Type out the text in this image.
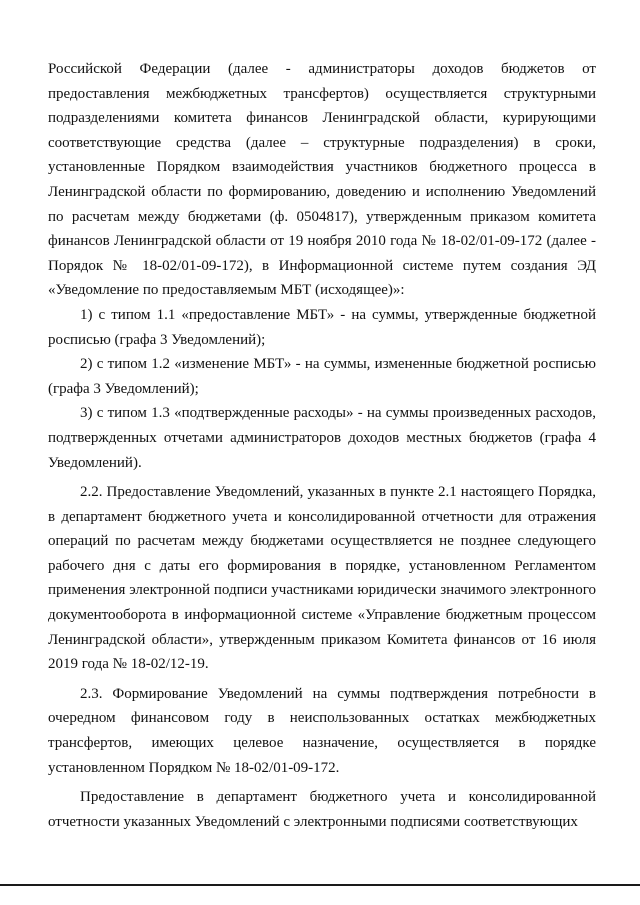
Российской Федерации (далее - администраторы доходов бюджетов от предоставления межбюджетных трансфертов) осуществляется структурными подразделениями комитета финансов Ленинградской области, курирующими соответствующие средства (далее – структурные подразделения) в сроки, установленные Порядком взаимодействия участников бюджетного процесса в Ленинградской области по формированию, доведению и исполнению Уведомлений по расчетам между бюджетами (ф. 0504817), утвержденным приказом комитета финансов Ленинградской области от 19 ноября 2010 года № 18-02/01-09-172 (далее - Порядок № 18-02/01-09-172), в Информационной системе путем создания ЭД «Уведомление по предоставляемым МБТ (исходящее)»:

1) с типом 1.1 «предоставление МБТ» - на суммы, утвержденные бюджетной росписью (графа 3 Уведомлений);

2) с типом 1.2 «изменение МБТ» - на суммы, измененные бюджетной росписью (графа 3 Уведомлений);

3) с типом 1.3 «подтвержденные расходы» - на суммы произведенных расходов, подтвержденных отчетами администраторов доходов местных бюджетов (графа 4 Уведомлений).

2.2. Предоставление Уведомлений, указанных в пункте 2.1 настоящего Порядка, в департамент бюджетного учета и консолидированной отчетности для отражения операций по расчетам между бюджетами осуществляется не позднее следующего рабочего дня с даты его формирования в порядке, установленном Регламентом применения электронной подписи участниками юридически значимого электронного документооборота в информационной системе «Управление бюджетным процессом Ленинградской области», утвержденным приказом Комитета финансов от 16 июля 2019 года № 18-02/12-19.

2.3. Формирование Уведомлений на суммы подтверждения потребности в очередном финансовом году в неиспользованных остатках межбюджетных трансфертов, имеющих целевое назначение, осуществляется в порядке установленном Порядком № 18-02/01-09-172.

Предоставление в департамент бюджетного учета и консолидированной отчетности указанных Уведомлений с электронными подписями соответствующих
